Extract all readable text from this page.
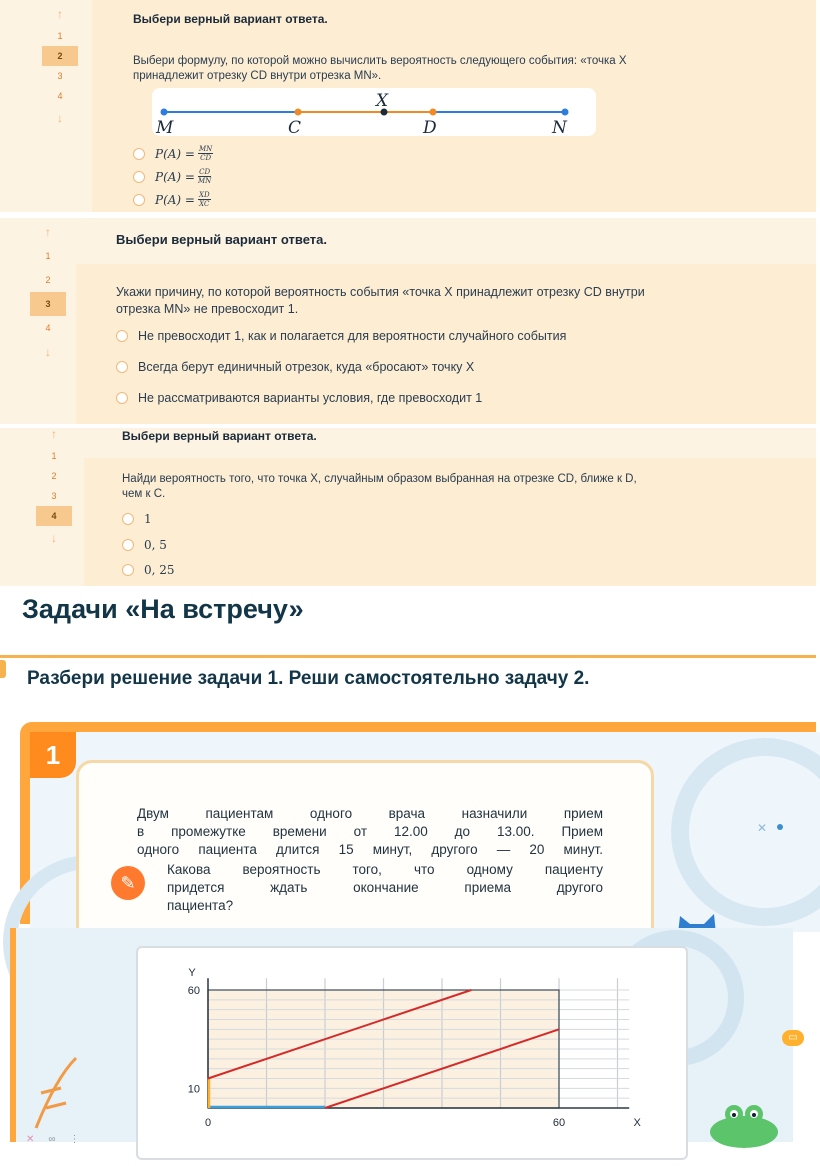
↑
1
2
3
4
↓
Выбери верный вариант ответа.
Выбери формулу, по которой можно вычислить вероятность следующего события: «точка X
принадлежит отрезку CD внутри отрезка MN».
M	C
X
D	N
$P(A) = \frac{MN}{CD}$
$P(A) = \frac{CD}{MN}$
$P(A) = \frac{XD}{XC}$
↑
1
2
3
4
↓
Выбери верный вариант ответа.
Укажи причину, по которой вероятность события «точка X принадлежит отрезку CD внутри
отрезка MN» не превосходит 1.
Не превосходит 1, как и полагается для вероятности случайного события
Всегда берут единичный отрезок, куда «бросают» точку X
Не рассматриваются варианты условия, где превосходит 1
↑
1
2
3
4
↓
Выбери верный вариант ответа.
Найди вероятность того, что точка X, случайным образом выбранная на отрезке CD, ближе к D,
чем к C.
1
0, 5
0, 25
Задачи «На встречу»
Разбери решение задачи 1. Реши самостоятельно задачу 2.
✕
1
Двум пациентам одного врача назначили прием
в промежутке времени от 12.00 до 13.00. Прием
одного пациента длится 15 минут, другого — 20 минут.
✎
Какова вероятность того, что одному пациенту
придется ждать окончание приема другого
пациента?
▭
0	60
10
60
X
Y
✕ ∞ ⋮
